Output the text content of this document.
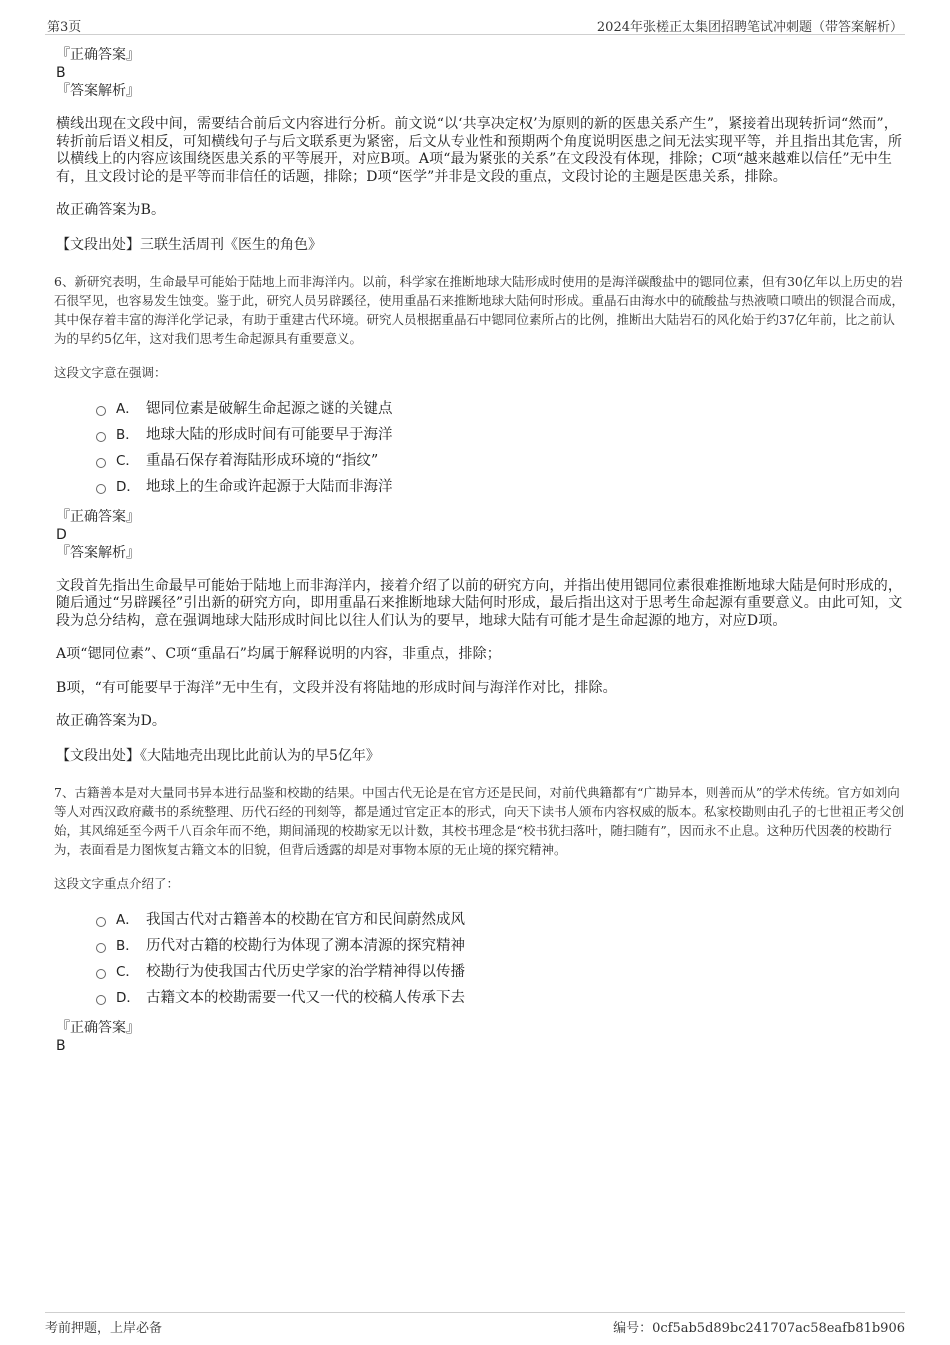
第3页	2024年张槎正太集团招聘笔试冲刺题（带答案解析）

『正确答案』

B

『答案解析』

横线出现在文段中间，需要结合前后文内容进行分析。前文说“以‘共享决定权’为原则的新的医患关系产生”，紧接着出现转折词“然而”，转折前后语义相反，可知横线句子与后文联系更为紧密，后文从专业性和预期两个角度说明医患之间无法实现平等，并且指出其危害，所以横线上的内容应该围绕医患关系的平等展开，对应B项。A项“最为紧张的关系”在文段没有体现，排除；C项“越来越难以信任”无中生有，且文段讨论的是平等而非信任的话题，排除；D项“医学”并非是文段的重点，文段讨论的主题是医患关系，排除。

故正确答案为B。

【文段出处】三联生活周刊《医生的角色》

6、新研究表明，生命最早可能始于陆地上而非海洋内。以前，科学家在推断地球大陆形成时使用的是海洋碳酸盐中的锶同位素，但有30亿年以上历史的岩石很罕见，也容易发生蚀变。鉴于此，研究人员另辟蹊径，使用重晶石来推断地球大陆何时形成。重晶石由海水中的硫酸盐与热液喷口喷出的钡混合而成，其中保存着丰富的海洋化学记录，有助于重建古代环境。研究人员根据重晶石中锶同位素所占的比例，推断出大陆岩石的风化始于约37亿年前，比之前认为的早约5亿年，这对我们思考生命起源具有重要意义。

这段文字意在强调：

A． 锶同位素是破解生命起源之谜的关键点
B． 地球大陆的形成时间有可能要早于海洋
C． 重晶石保存着海陆形成环境的“指纹”
D． 地球上的生命或许起源于大陆而非海洋

『正确答案』

D

『答案解析』

文段首先指出生命最早可能始于陆地上而非海洋内，接着介绍了以前的研究方向，并指出使用锶同位素很难推断地球大陆是何时形成的，随后通过“另辟蹊径”引出新的研究方向，即用重晶石来推断地球大陆何时形成，最后指出这对于思考生命起源有重要意义。由此可知，文段为总分结构，意在强调地球大陆形成时间比以往人们认为的要早，地球大陆有可能才是生命起源的地方，对应D项。

A项“锶同位素”、C项“重晶石”均属于解释说明的内容，非重点，排除；

B项，“有可能要早于海洋”无中生有，文段并没有将陆地的形成时间与海洋作对比，排除。

故正确答案为D。

【文段出处】《大陆地壳出现比此前认为的早5亿年》

7、古籍善本是对大量同书异本进行品鉴和校勘的结果。中国古代无论是在官方还是民间，对前代典籍都有“广勘异本，则善而从”的学术传统。官方如刘向等人对西汉政府藏书的系统整理、历代石经的刊刻等，都是通过官定正本的形式，向天下读书人颁布内容权威的版本。私家校勘则由孔子的七世祖正考父创始，其风绵延至今两千八百余年而不绝，期间涌现的校勘家无以计数，其校书理念是“校书犹扫落叶，随扫随有”，因而永不止息。这种历代因袭的校勘行为，表面看是力图恢复古籍文本的旧貌，但背后透露的却是对事物本原的无止境的探究精神。

这段文字重点介绍了：

A． 我国古代对古籍善本的校勘在官方和民间蔚然成风
B． 历代对古籍的校勘行为体现了溯本清源的探究精神
C． 校勘行为使我国古代历史学家的治学精神得以传播
D． 古籍文本的校勘需要一代又一代的校稿人传承下去

『正确答案』

B

考前押题，上岸必备	编号：0cf5ab5d89bc241707ac58eafb81b906
